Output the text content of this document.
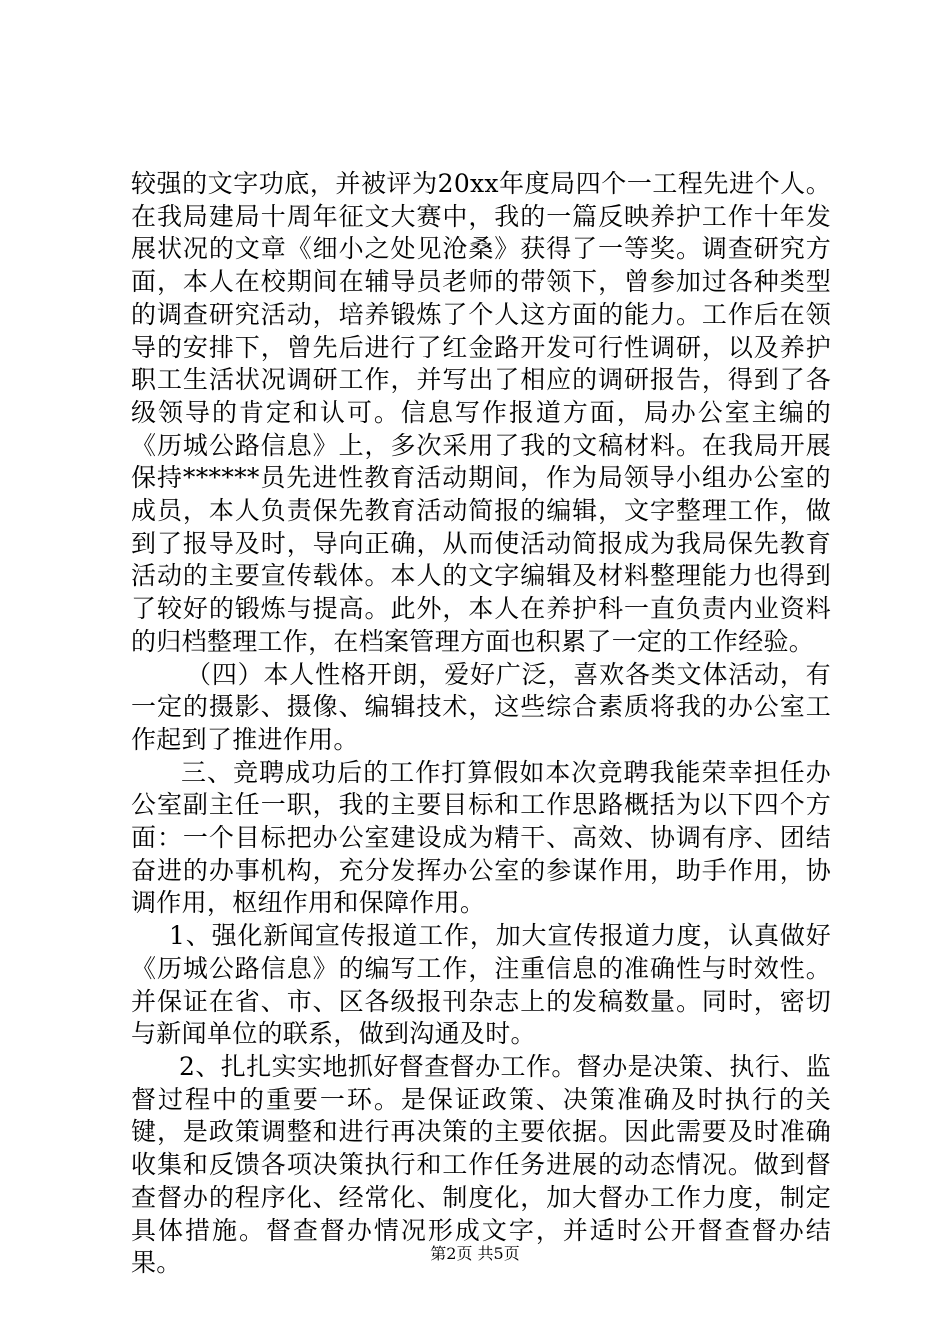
较强的文字功底，并被评为20xx年度局四个一工程先进个人。在我局建局十周年征文大赛中，我的一篇反映养护工作十年发展状况的文章《细小之处见沧桑》获得了一等奖。调查研究方面，本人在校期间在辅导员老师的带领下，曾参加过各种类型的调查研究活动，培养锻炼了个人这方面的能力。工作后在领导的安排下，曾先后进行了红金路开发可行性调研，以及养护职工生活状况调研工作，并写出了相应的调研报告，得到了各级领导的肯定和认可。信息写作报道方面，局办公室主编的《历城公路信息》上，多次采用了我的文稿材料。在我局开展保持******员先进性教育活动期间，作为局领导小组办公室的成员，本人负责保先教育活动简报的编辑，文字整理工作，做到了报导及时，导向正确，从而使活动简报成为我局保先教育活动的主要宣传载体。本人的文字编辑及材料整理能力也得到了较好的锻炼与提高。此外，本人在养护科一直负责内业资料的归档整理工作，在档案管理方面也积累了一定的工作经验。

（四）本人性格开朗，爱好广泛，喜欢各类文体活动，有一定的摄影、摄像、编辑技术，这些综合素质将我的办公室工作起到了推进作用。

三、竞聘成功后的工作打算假如本次竞聘我能荣幸担任办公室副主任一职，我的主要目标和工作思路概括为以下四个方面：一个目标把办公室建设成为精干、高效、协调有序、团结奋进的办事机构，充分发挥办公室的参谋作用，助手作用，协调作用，枢纽作用和保障作用。

1、强化新闻宣传报道工作，加大宣传报道力度，认真做好《历城公路信息》的编写工作，注重信息的准确性与时效性。并保证在省、市、区各级报刊杂志上的发稿数量。同时，密切与新闻单位的联系，做到沟通及时。

2、扎扎实实地抓好督查督办工作。督办是决策、执行、监督过程中的重要一环。是保证政策、决策准确及时执行的关键，是政策调整和进行再决策的主要依据。因此需要及时准确收集和反馈各项决策执行和工作任务进展的动态情况。做到督查督办的程序化、经常化、制度化，加大督办工作力度，制定具体措施。督查督办情况形成文字，并适时公开督查督办结果。	第2页 共5页
